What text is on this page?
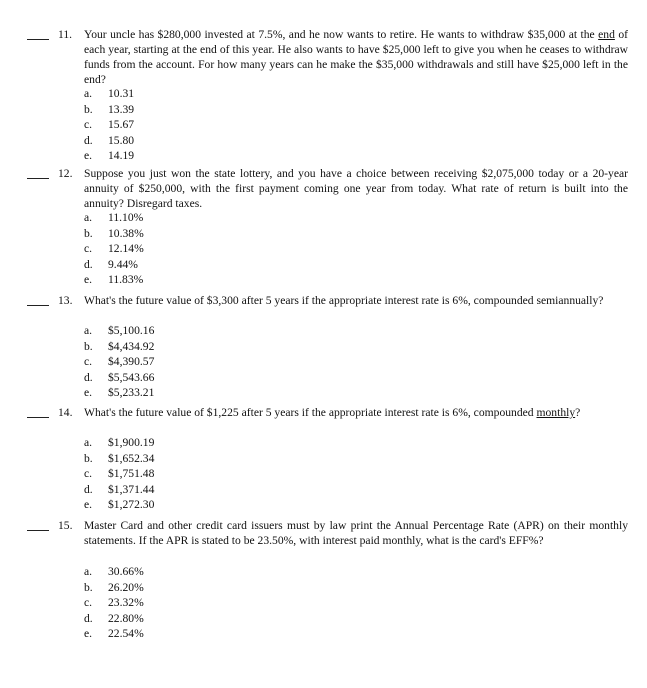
11. Your uncle has $280,000 invested at 7.5%, and he now wants to retire. He wants to withdraw $35,000 at the end of each year, starting at the end of this year. He also wants to have $25,000 left to give you when he ceases to withdraw funds from the account. For how many years can he make the $35,000 withdrawals and still have $25,000 left in the end?
a. 10.31
b. 13.39
c. 15.67
d. 15.80
e. 14.19
12. Suppose you just won the state lottery, and you have a choice between receiving $2,075,000 today or a 20-year annuity of $250,000, with the first payment coming one year from today. What rate of return is built into the annuity? Disregard taxes.
a. 11.10%
b. 10.38%
c. 12.14%
d. 9.44%
e. 11.83%
13. What's the future value of $3,300 after 5 years if the appropriate interest rate is 6%, compounded semiannually?
a. $5,100.16
b. $4,434.92
c. $4,390.57
d. $5,543.66
e. $5,233.21
14. What's the future value of $1,225 after 5 years if the appropriate interest rate is 6%, compounded monthly?
a. $1,900.19
b. $1,652.34
c. $1,751.48
d. $1,371.44
e. $1,272.30
15. Master Card and other credit card issuers must by law print the Annual Percentage Rate (APR) on their monthly statements. If the APR is stated to be 23.50%, with interest paid monthly, what is the card's EFF%?
a. 30.66%
b. 26.20%
c. 23.32%
d. 22.80%
e. 22.54%
